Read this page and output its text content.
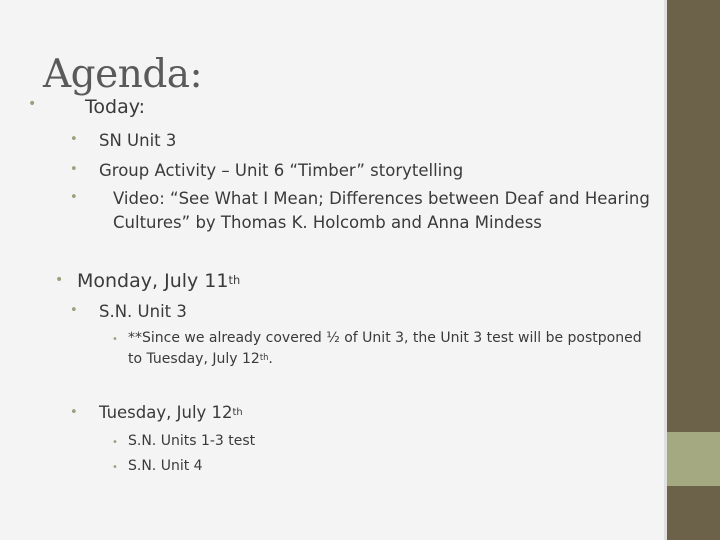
Agenda:
•	Today:
• SN Unit 3
• Group Activity – Unit 6 “Timber” storytelling
• Video: “See What I Mean; Differences between Deaf and Hearing
Cultures” by Thomas K. Holcomb and Anna Mindess
• Monday, July 11th
• S.N. Unit 3
• **Since we already covered ½ of Unit 3, the Unit 3 test will be postponed
to Tuesday, July 12th.
• Tuesday, July 12th
• S.N. Units 1-3 test
• S.N. Unit 4
